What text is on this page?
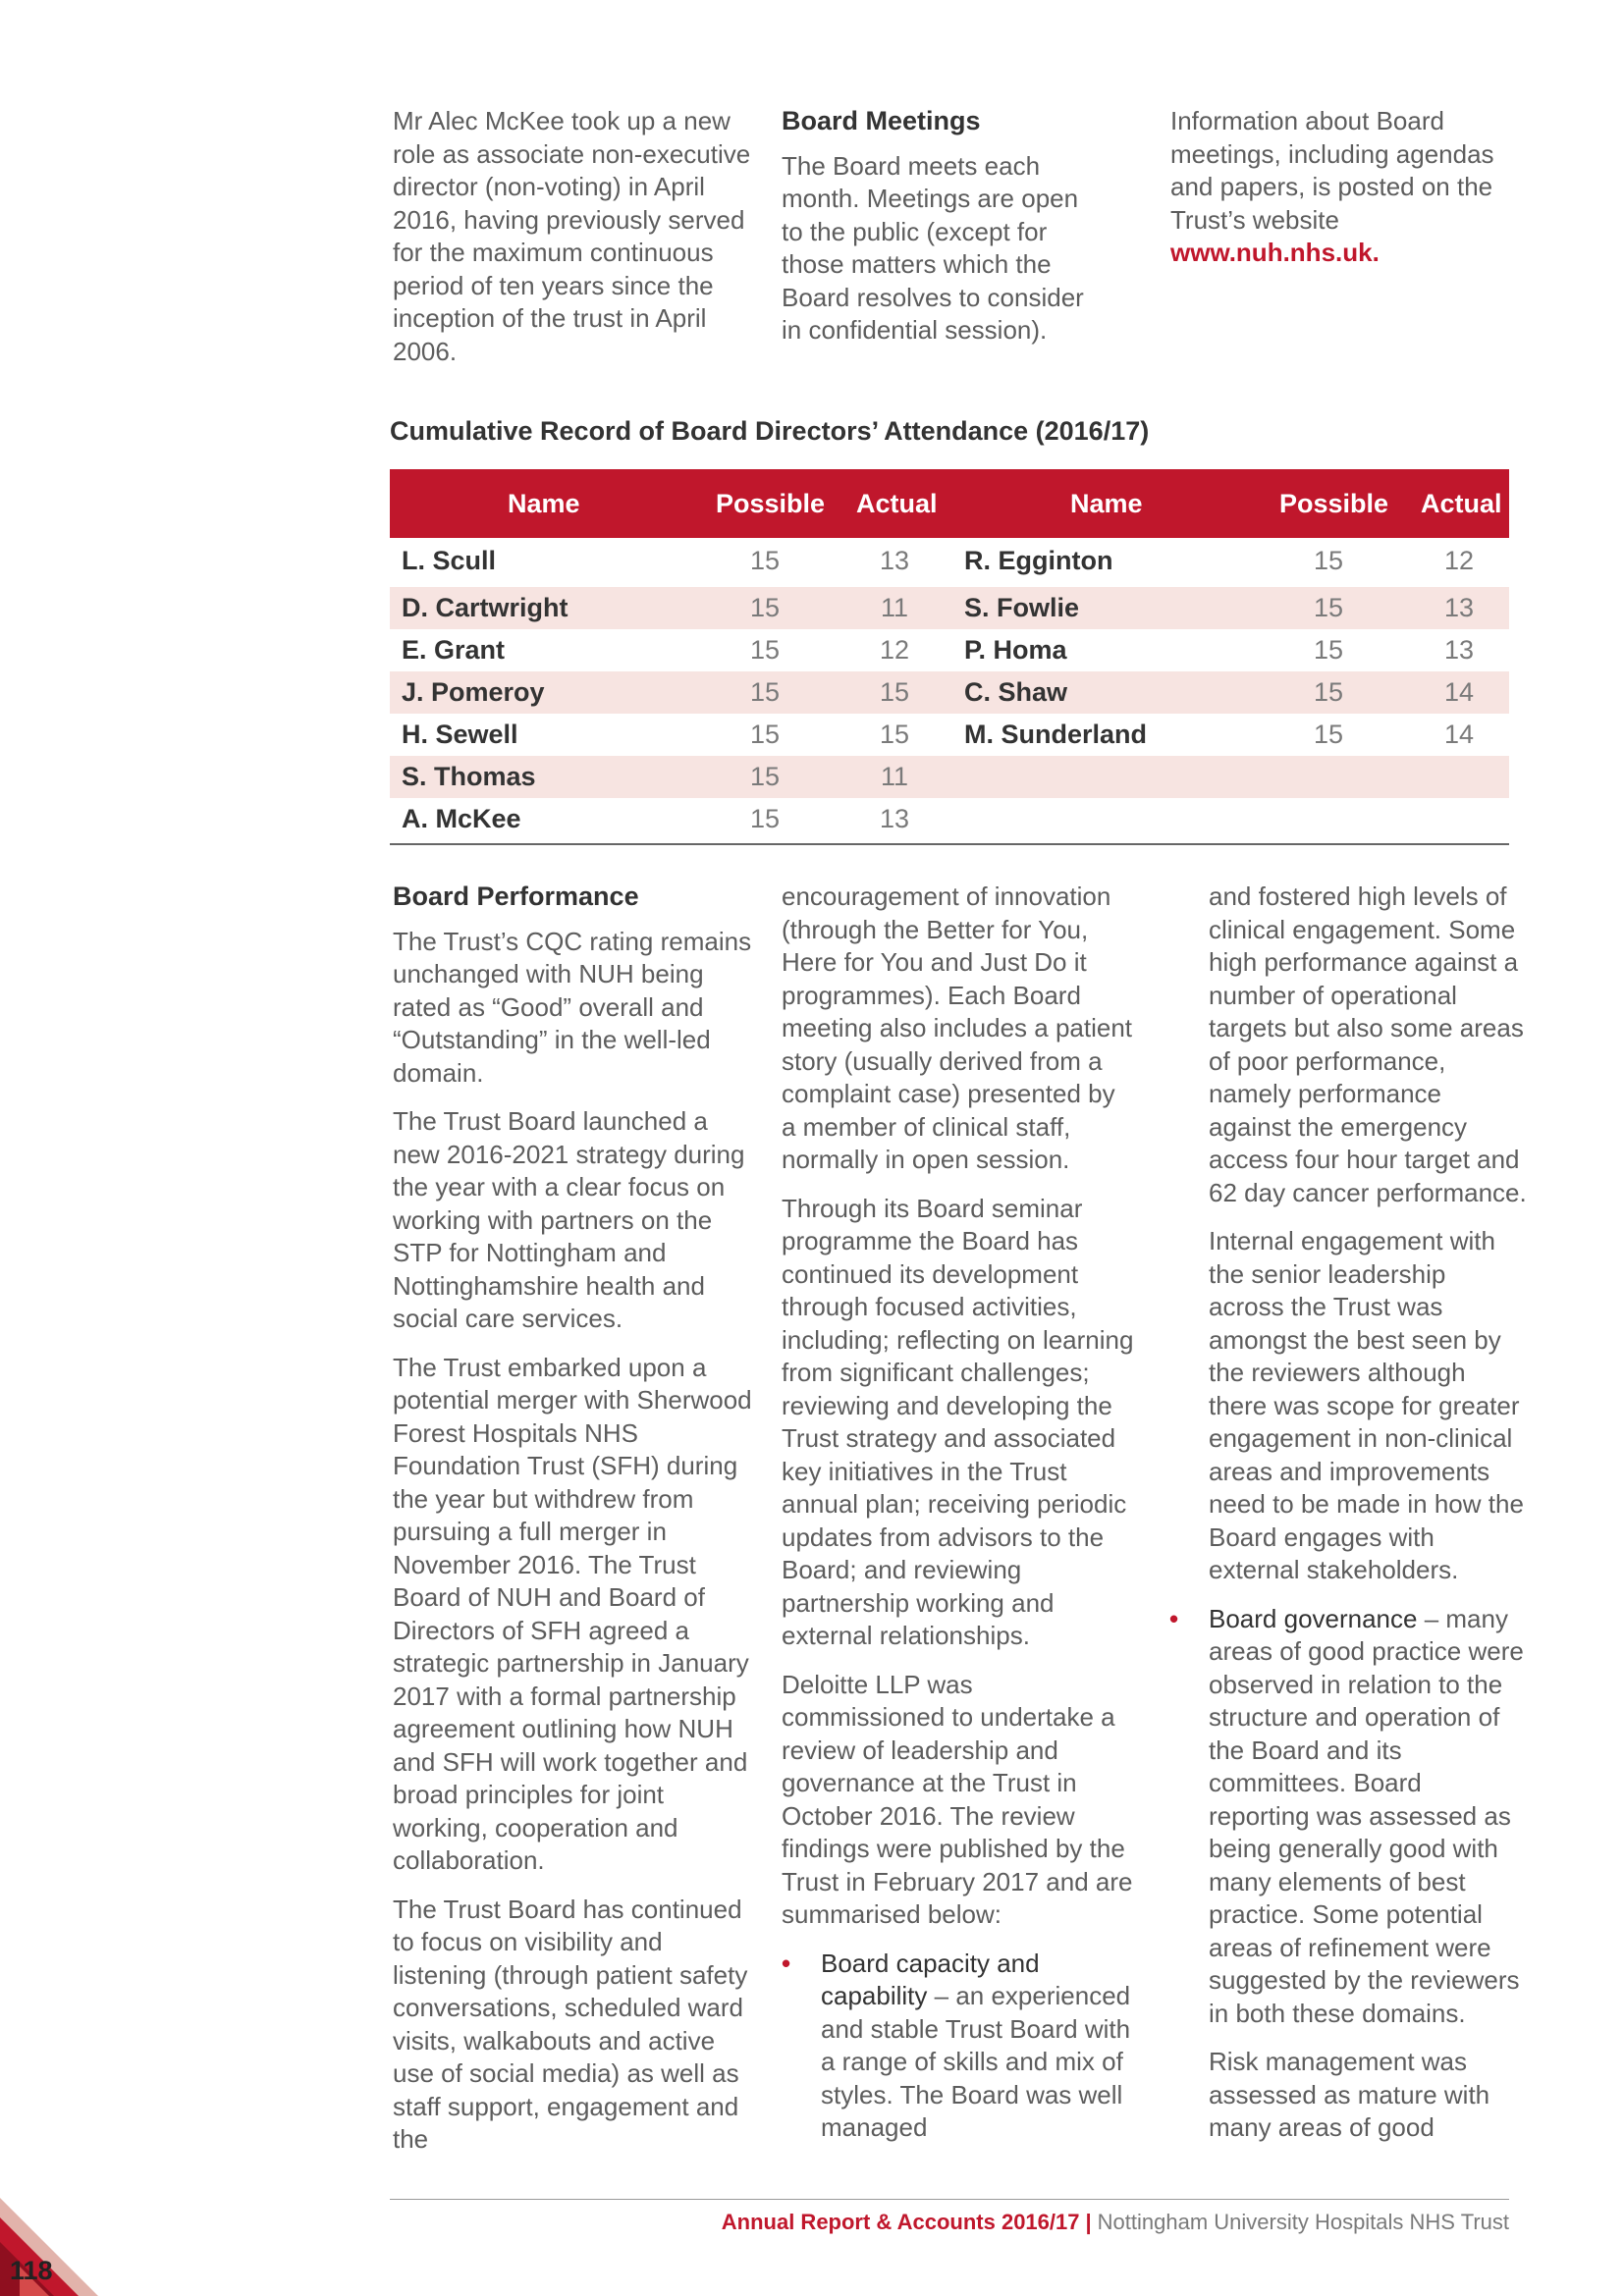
Mr Alec McKee took up a new role as associate non-executive director (non-voting) in April 2016, having previously served for the maximum continuous period of ten years since the inception of the trust in April 2006.

Board Meetings

The Board meets each month. Meetings are open to the public (except for those matters which the Board resolves to consider in confidential session).

Information about Board meetings, including agendas and papers, is posted on the Trust’s website

www.nuh.nhs.uk.
Cumulative Record of Board Directors’ Attendance (2016/17)
Name	Possible Actual	Name	Possible Actual
L. Scull	15	13	R. Egginton	15	12
D. Cartwright	15	11	S. Fowlie	15	13
E. Grant	15	12	P. Homa	15	13
J. Pomeroy	15	15	C. Shaw	15	14
H. Sewell	15	15	M. Sunderland	15	14
S. Thomas	15	11
A. McKee	15	13
Board Performance

The Trust’s CQC rating remains unchanged with NUH being rated as “Good” overall and “Outstanding” in the well-led domain.

The Trust Board launched a new 2016-2021 strategy during the year with a clear focus on working with partners on the STP for Nottingham and Nottinghamshire health and social care services.

The Trust embarked upon a potential merger with Sherwood Forest Hospitals NHS Foundation Trust (SFH) during the year but withdrew from pursuing a full merger in November 2016. The Trust Board of NUH and Board of Directors of SFH agreed a strategic partnership in January 2017 with a formal partnership agreement outlining how NUH and SFH will work together and broad principles for joint working, cooperation and collaboration.

The Trust Board has continued to focus on visibility and listening (through patient safety conversations, scheduled ward visits, walkabouts and active use of social media) as well as staff support, engagement and the

encouragement of innovation (through the Better for You, Here for You and Just Do it programmes). Each Board meeting also includes a patient story (usually derived from a complaint case) presented by a member of clinical staff, normally in open session.

Through its Board seminar programme the Board has continued its development through focused activities, including; reflecting on learning from significant challenges; reviewing and developing the Trust strategy and associated key initiatives in the Trust annual plan; receiving periodic updates from advisors to the Board; and reviewing partnership working and external relationships.

Deloitte LLP was commissioned to undertake a review of leadership and governance at the Trust in October 2016. The review findings were published by the Trust in February 2017 and are summarised below:

• Board capacity and capability – an experienced and stable Trust Board with a range of skills and mix of styles. The Board was well managed

and fostered high levels of clinical engagement. Some high performance against a number of operational targets but also some areas of poor performance, namely performance against the emergency access four hour target and 62 day cancer performance.

Internal engagement with the senior leadership across the Trust was amongst the best seen by the reviewers although there was scope for greater engagement in non-clinical areas and improvements need to be made in how the Board engages with external stakeholders.

• Board governance – many areas of good practice were observed in relation to the structure and operation of the Board and its committees. Board reporting was assessed as being generally good with many elements of best practice. Some potential areas of refinement were suggested by the reviewers in both these domains.

Risk management was assessed as mature with many areas of good

Annual Report & Accounts 2016/17 | Nottingham University Hospitals NHS Trust
118
